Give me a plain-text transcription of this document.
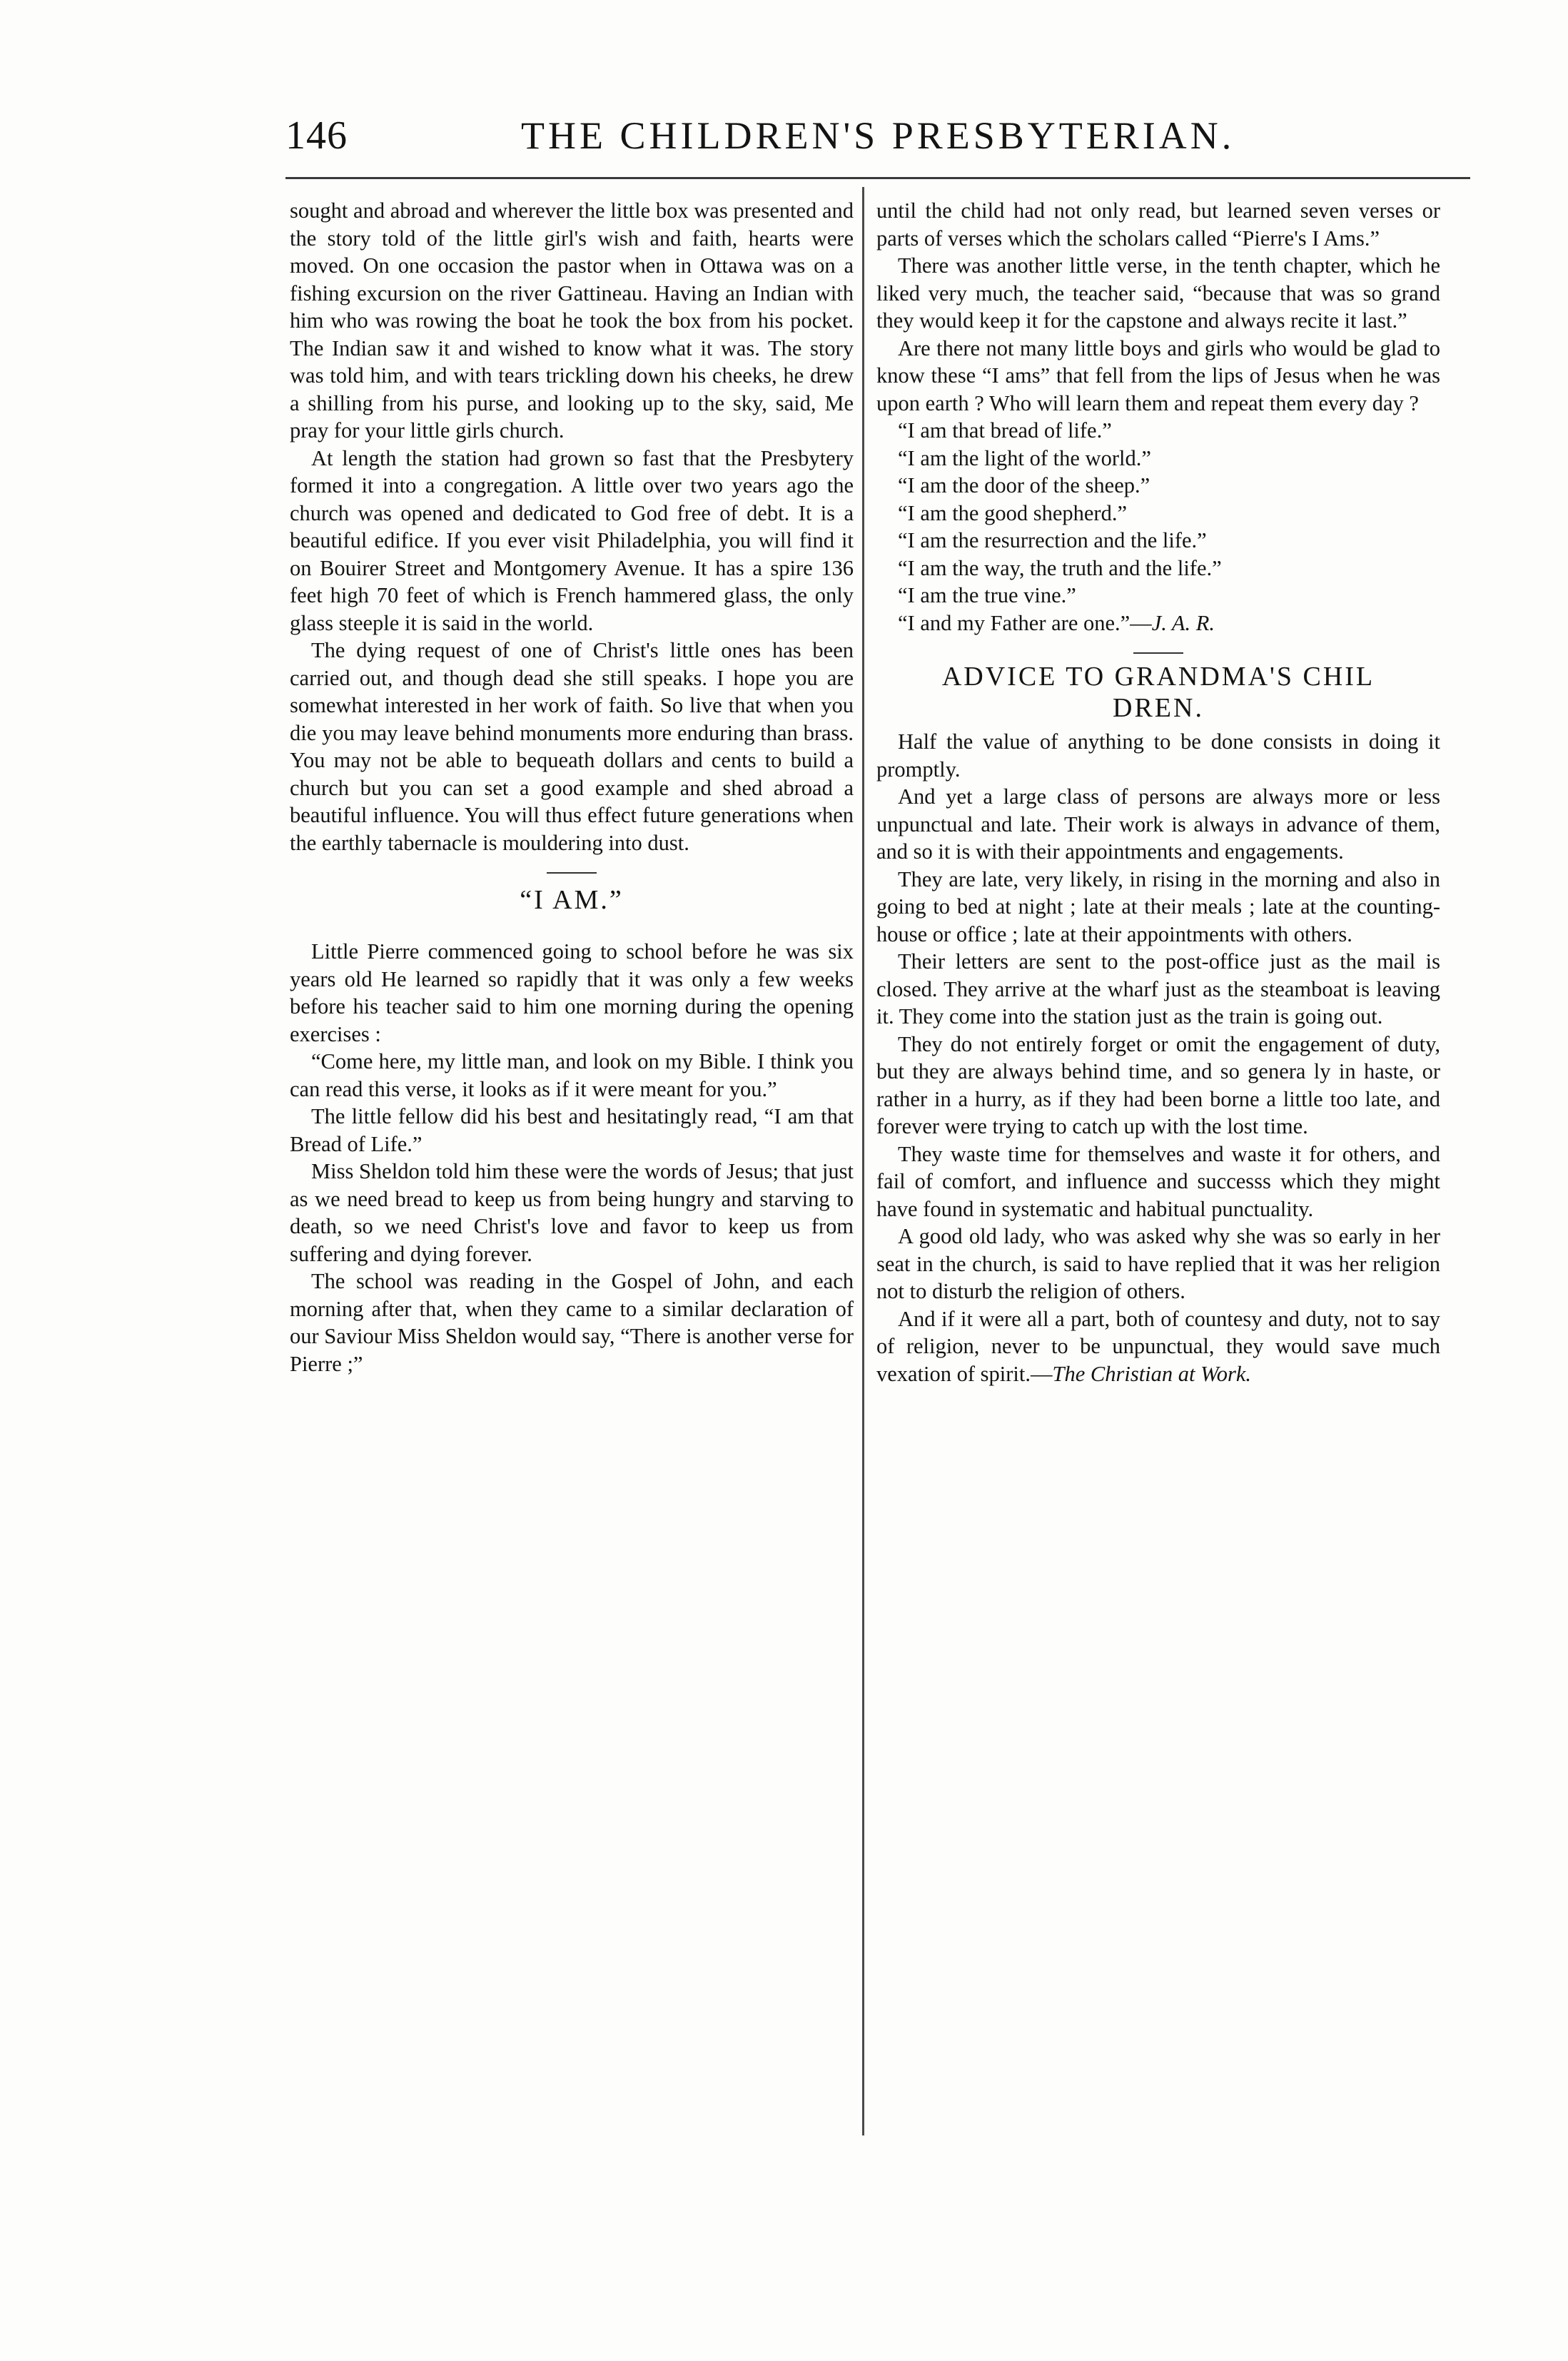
146	THE CHILDREN'S PRESBYTERIAN.

sought and abroad and wherever the little box was presented and the story told of the little girl's wish and faith, hearts were moved. On one occasion the pastor when in Ottawa was on a fishing excursion on the river Gattineau. Having an Indian with him who was rowing the boat he took the box from his pocket. The Indian saw it and wished to know what it was. The story was told him, and with tears trickling down his cheeks, he drew a shilling from his purse, and looking up to the sky, said, Me pray for your little girls church.

At length the station had grown so fast that the Presbytery formed it into a congregation. A little over two years ago the church was opened and dedicated to God free of debt. It is a beautiful edifice. If you ever visit Philadelphia, you will find it on Bouirer Street and Montgomery Avenue. It has a spire 136 feet high 70 feet of which is French hammered glass, the only glass steeple it is said in the world.

The dying request of one of Christ's little ones has been carried out, and though dead she still speaks. I hope you are somewhat interested in her work of faith. So live that when you die you may leave behind monuments more enduring than brass. You may not be able to bequeath dollars and cents to build a church but you can set a good example and shed abroad a beautiful influence. You will thus effect future generations when the earthly tabernacle is mouldering into dust.

“I AM.”

Little Pierre commenced going to school before he was six years old He learned so rapidly that it was only a few weeks before his teacher said to him one morning during the opening exercises :

“Come here, my little man, and look on my Bible. I think you can read this verse, it looks as if it were meant for you.”

The little fellow did his best and hesitatingly read, “I am that Bread of Life.”

Miss Sheldon told him these were the words of Jesus; that just as we need bread to keep us from being hungry and starving to death, so we need Christ's love and favor to keep us from suffering and dying forever.

The school was reading in the Gospel of John, and each morning after that, when they came to a similar declaration of our Saviour Miss Sheldon would say, “There is another verse for Pierre ;”

until the child had not only read, but learned seven verses or parts of verses which the scholars called “Pierre's I Ams.”

There was another little verse, in the tenth chapter, which he liked very much, the teacher said, “because that was so grand they would keep it for the capstone and always recite it last.”

Are there not many little boys and girls who would be glad to know these “I ams” that fell from the lips of Jesus when he was upon earth ? Who will learn them and repeat them every day ?

“I am that bread of life.”

“I am the light of the world.”

“I am the door of the sheep.”

“I am the good shepherd.”

“I am the resurrection and the life.”

“I am the way, the truth and the life.”

“I am the true vine.”

“I and my Father are one.”—J. A. R.

ADVICE TO GRANDMA'S CHIL
DREN.

Half the value of anything to be done consists in doing it promptly.

And yet a large class of persons are always more or less unpunctual and late. Their work is always in advance of them, and so it is with their appointments and engagements.

They are late, very likely, in rising in the morning and also in going to bed at night ; late at their meals ; late at the counting-house or office ; late at their appointments with others.

Their letters are sent to the post-office just as the mail is closed. They arrive at the wharf just as the steamboat is leaving it. They come into the station just as the train is going out.

They do not entirely forget or omit the engagement of duty, but they are always behind time, and so genera ly in haste, or rather in a hurry, as if they had been borne a little too late, and forever were trying to catch up with the lost time.

They waste time for themselves and waste it for others, and fail of comfort, and influence and successs which they might have found in systematic and habitual punctuality.

A good old lady, who was asked why she was so early in her seat in the church, is said to have replied that it was her religion not to disturb the religion of others.

And if it were all a part, both of countesy and duty, not to say of religion, never to be unpunctual, they would save much vexation of spirit.—The Christian at Work.
